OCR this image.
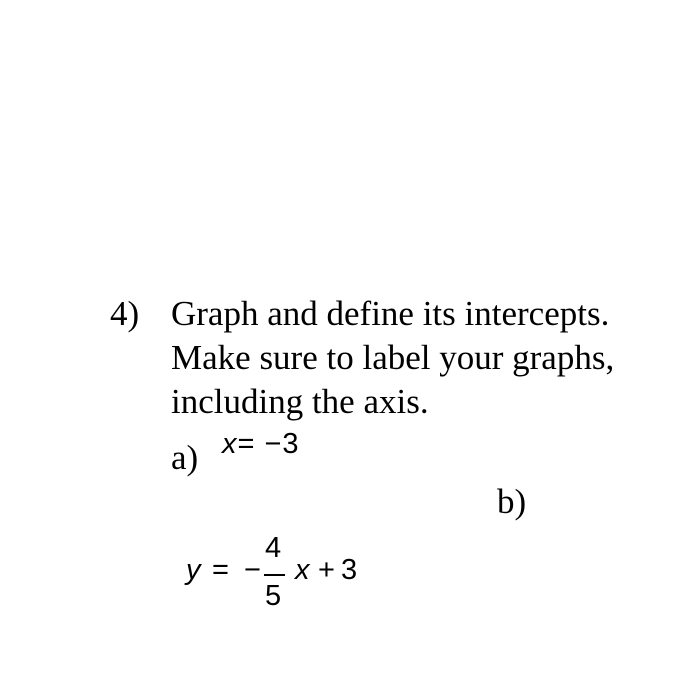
4) Graph and define its intercepts.
Make sure to label your graphs,
including the axis.
a) x= −3
b)
y = −
4
5
x + 3
